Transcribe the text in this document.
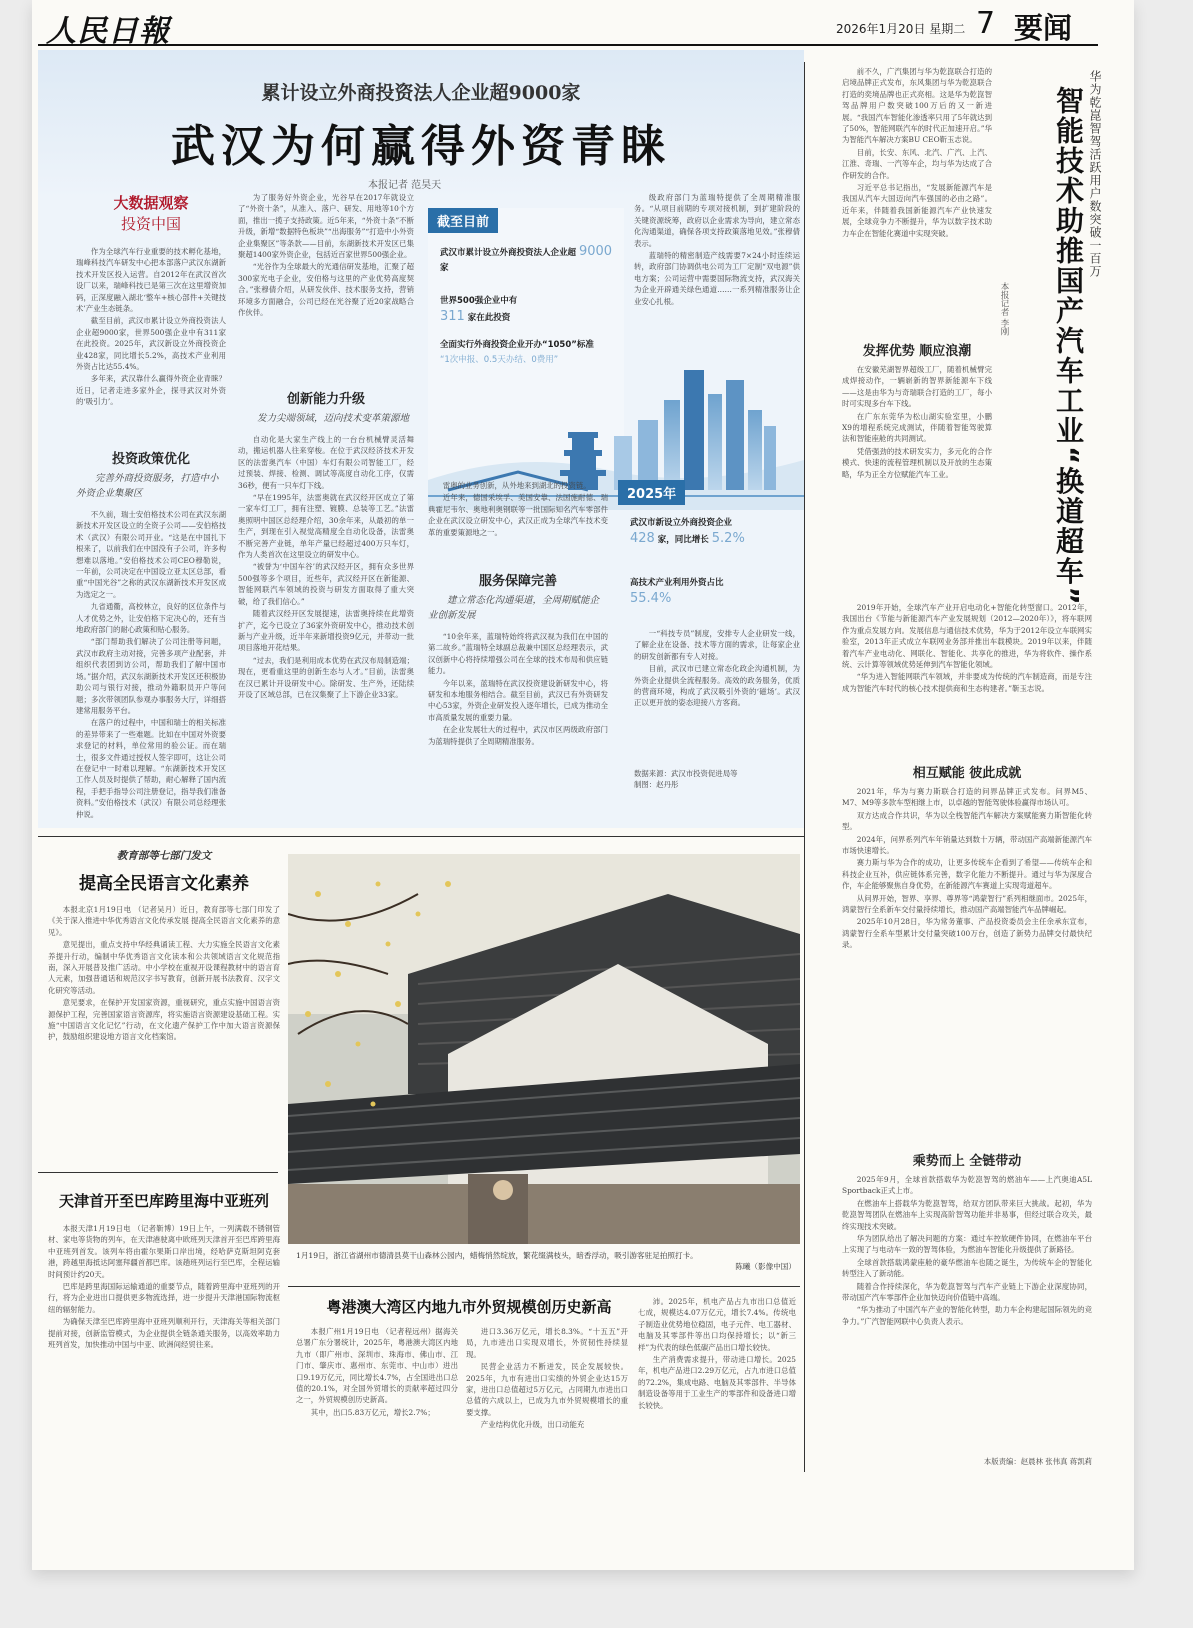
人民日報	2026年1月20日 星期二 7 要闻
累计设立外商投资法人企业超9000家
武汉为何赢得外资青睐
本报记者 范昊天
大数据观察
投资中国

作为全球汽车行业重要的技术孵化基地，瑞峰科技汽车研发中心把本部落户武汉东湖新技术开发区投入运营。自2012年在武汉首次设厂以来，瑞峰科技已是第三次在这里增资加码，正深度融入湖北‘整车+核心部件+关键技术’产业生态链条。

截至目前，武汉市累计设立外商投资法人企业超9000家，世界500强企业中有311家在此投资。2025年，武汉新设立外商投资企业428家，同比增长5.2%，高技术产业利用外资占比达55.4%。

多年来，武汉靠什么赢得外资企业青睐？近日，记者走进多家外企，探寻武汉对外资的‘吸引力’。

投资政策优化
完善外商投资服务，打造中小外资企业集聚区

不久前，瑞士安伯格技术公司在武汉东湖新技术开发区设立的全资子公司——安伯格技术（武汉）有限公司开业。“这是在中国扎下根来了，以前我们在中国没有子公司，许多构想难以落地。”安伯格技术公司CEO穆勒说，一年前，公司决定在中国设立亚太区总部，看重“中国光谷”之称的武汉东湖新技术开发区成为选定之一。

九省通衢，高校林立，良好的区位条件与人才优势之外，让安伯格下定决心的，还有当地政府部门的耐心政策和贴心服务。

“部门帮助我们解决了公司注册等问题，武汉市政府主动对接，完善多项产业配套，并组织代表团到访公司，帮助我们了解中国市场。”据介绍，武汉东湖新技术开发区还积极协助公司与银行对接，推动外籍职员开户等问题；多次带领团队参观办事服务大厅，详细搭建常用服务平台。

在落户的过程中，中国和瑞士的相关标准的差异带来了一些难题。比如在中国对外资要求登记的材料，单位常用的验公证。而在瑞士，很多文件通过授权人签字即可，这让公司在登记中一时难以理解。“东湖新技术开发区工作人员及时提供了帮助，耐心解释了国内流程，手把手指导公司注册登记，指导我们准备资料。”安伯格技术（武汉）有限公司总经理张仲说。

为了服务好外资企业，光谷早在2017年就设立了“外资十条”，从准入、落户、研发、用地等10个方面，推出一揽子支持政策。近5年来，“外资十条”不断升级，新增“数据特色板块”“出海服务”“打造中小外资企业集聚区”等条款——目前，东湖新技术开发区已集聚超1400家外资企业，包括近百家世界500强企业。

“光谷作为全球最大的光通信研发基地，汇聚了超300家光电子企业，安伯格与这里的产业优势高度契合。”张穆倩介绍，从研发伙伴、技术服务支持，营销环境多方面融合，公司已经在光谷聚了近20家战略合作伙伴。

创新能力升级
发力尖端领域，迈向技术变革策源地

自动化是大家生产线上的一台台机械臂灵活舞动，搬运机器人往来穿梭。在位于武汉经济技术开发区的法雷奥汽车（中国）车灯有限公司智能工厂，经过预装、焊接、检测、调试等高度自动化工序，仅需36秒，便有一只车灯下线。

“早在1995年，法雷奥就在武汉经开区成立了第一家车灯工厂，拥有注塑、镀膜、总装等工艺。”法雷奥照明中国区总经理介绍，30余年来，从最初的单一生产，到现在引入视觉高精度全自动化设备，法雷奥不断完善产业链，单年产量已经超过400万只车灯，作为人类首次在这里设立的研发中心。

“被誉为‘中国车谷’的武汉经开区，拥有众多世界500强等多个项目，近些年，武汉经开区在新能源、智能网联汽车领域的投资与研发方面取得了重大突破，给了我们信心。”

随着武汉经开区发展提速，法雷奥持续在此增资扩产，迄今已设立了36家外资研发中心，推动技术创新与产业升级，近半年来新增投资9亿元，并带动一批项目落地开花结果。

“过去，我们是利用成本优势在武汉布局制造端；现在，更看重这里的创新生态与人才。”目前，法雷奥在汉已累计开设研发中心。除研发、生产外，还陆续开设了区域总部，已在汉集聚了上下游企业33家。

截至目前
武汉市累计设立外商投资法人企业超 9000 家
世界500强企业中有
311 家在此投资
全面实行外商投资企业开办“1050”标准
“1次申报、0.5天办结、0费用”

雷奥的业务创新，从外地来到湖北的投资链。

近年来，德国采埃孚、美国安靠、法国施耐德、瑞典霍尼韦尔、奥地利奥钢联等一批国际知名汽车零部件企业在武汉设立研发中心，武汉正成为全球汽车技术变革的重要策源地之一。

服务保障完善
建立常态化沟通渠道，全周期赋能企业创新发展

“10余年来，蓝瑞特始终将武汉视为我们在中国的第二故乡。”蓝瑞特全球副总裁兼中国区总经理表示，武汉创新中心将持续增强公司在全球的技术布局和供应链能力。

今年以来，蓝瑞特在武汉投资建设新研发中心，将研发和本地服务相结合。截至目前，武汉已有外资研发中心53家，外资企业研发投入逐年增长，已成为推动全市高质量发展的重要力量。

在企业发展壮大的过程中，武汉市区两级政府部门为蓝瑞特提供了全周期精准服务。

级政府部门为蓝瑞特提供了全周期精准服务。“从项目前期的专项对接机制，到扩建阶段的关键资源统筹，政府以企业需求为导向，建立常态化沟通渠道，确保各项支持政策落地见效。”张穆倩表示。

蓝瑞特的精密制造产线需要7×24小时连续运转，政府部门协调供电公司为工厂定制“双电源”供电方案；公司运营中需要国际物流支持，武汉海关为企业开辟通关绿色通道……一系列精准服务让企业安心扎根。

2025年
武汉市新设立外商投资企业
428 家，同比增长 5.2%
高技术产业利用外资占比
55.4%

一“科技专员”制度，安排专人企业研发一线，了解企业在设备、技术等方面的需求，让每家企业的研发创新都有专人对接。

目前，武汉市已建立常态化政企沟通机制，为外资企业提供全流程服务。高效的政务服务，优质的营商环境，构成了武汉吸引外资的‘磁场’。武汉正以更开放的姿态迎接八方客商。

数据来源：武汉市投资促进局等
制图：赵丹彤
华为乾崑智驾活跃用户数突破一百万
智能技术助推国产汽车工业“换道超车”
本报记者 李刚

前不久，广汽集团与华为乾崑联合打造的启境品牌正式发布，东风集团与华为乾崑联合打造的奕境品牌也正式亮相。这是华为乾崑智驾品牌用户数突破100万后的又一新进展。“我国汽车智能化渗透率只用了5年就达到了50%，智能网联汽车的时代正加速开启。”华为智能汽车解决方案BU CEO靳玉志说。

目前，长安、东风、北汽、广汽、上汽、江淮、奇瑞、一汽等车企，均与华为达成了合作研发的合作。

习近平总书记指出，“发展新能源汽车是我国从汽车大国迈向汽车强国的必由之路”。近年来，伴随着我国新能源汽车产业快速发展，全球竞争力不断提升，华为以数字技术助力车企在智能化赛道中实现突破。

发挥优势 顺应浪潮

在安徽芜湖智界超级工厂，随着机械臂完成焊接动作，一辆崭新的智界新能源车下线——这是由华为与奇瑞联合打造的工厂，每小时可实现多台车下线。

在广东东莞华为松山湖实验室里，小鹏X9的增程系统完成测试，伴随着智能驾驶算法和智能座舱的共同测试。

凭借强劲的技术研发实力，多元化的合作模式、快速的流程管理机制以及开放的生态策略，华为正全方位赋能汽车工业。

2019年开始，全球汽车产业开启电动化+智能化转型窗口。2012年，我国出台《节能与新能源汽车产业发展规划（2012—2020年）》，将车联网作为重点发展方向。发展信息与通信技术优势，华为于2012年设立车联网实验室，2013年正式成立车联网业务部并推出车载模块。2019年以来，伴随着汽车产业电动化、网联化、智能化、共享化的推进，华为将软件、操作系统、云计算等领域优势延伸到汽车智能化领域。

“华为进入智能网联汽车领域，并非要成为传统的汽车制造商，而是专注成为智能汽车时代的核心技术提供商和生态构建者。”靳玉志说。

相互赋能 彼此成就

2021年，华为与赛力斯联合打造的问界品牌正式发布。问界M5、M7、M9等多款车型相继上市，以卓越的智能驾驶体验赢得市场认可。

双方达成合作共识，华为以全栈智能汽车解决方案赋能赛力斯智能化转型。

2024年，问界系列汽车年销量达到数十万辆，带动国产高端新能源汽车市场快速增长。

赛力斯与华为合作的成功，让更多传统车企看到了希望——传统车企和科技企业互补，供应链体系完善，数字化能力不断提升。通过与华为深度合作，车企能够聚焦自身优势，在新能源汽车赛道上实现弯道超车。

从问界开始，智界、享界、尊界等“鸿蒙智行”系列相继面市。2025年，鸿蒙智行全系新车交付量持续增长，推动国产高端智能汽车品牌崛起。

2025年10月28日，华为常务董事、产品投资委员会主任余承东宣布，鸿蒙智行全系车型累计交付量突破100万台，创造了新势力品牌交付最快纪录。

乘势而上 全链带动

2025年9月，全球首款搭载华为乾崑智驾的燃油车——上汽奥迪A5L Sportback正式上市。

在燃油车上搭载华为乾崑智驾，给双方团队带来巨大挑战。起初，华为乾崑智驾团队在燃油车上实现高阶智驾功能并非易事，但经过联合攻关，最终实现技术突破。

华为团队给出了解决问题的方案：通过车控软硬件协同，在燃油车平台上实现了与电动车一致的智驾体验，为燃油车智能化升级提供了新路径。

全球首款搭载鸿蒙座舱的豪华燃油车也随之诞生，为传统车企的智能化转型注入了新动能。

随着合作持续深化，华为乾崑智驾与汽车产业链上下游企业深度协同，带动国产汽车零部件企业加快迈向价值链中高端。

“华为推动了中国汽车产业的智能化转型，助力车企构建起国际领先的竞争力。”广汽智能网联中心负责人表示。

本版责编：赵晨林 张伟真 蒋凯莉
教育部等七部门发文
提高全民语言文化素养

本报北京1月19日电 （记者吴月）近日，教育部等七部门印发了《关于深入推进中华优秀语言文化传承发展 提高全民语言文化素养的意见》。

意见提出，重点支持中华经典诵读工程、大力实施全民语言文化素养提升行动，编制中华优秀语言文化读本和公共领域语言文化规范指南，深入开展普及推广活动。中小学校在重视开设课程教材中的语言育人元素，加强普通话和规范汉字书写教育，创新开展书法教育、汉字文化研究等活动。

意见要求，在保护开发国家资源，重视研究，重点实施中国语言资源保护工程，完善国家语言资源库，将实施语言资源建设基础工程。实施“中国语言文化记忆”行动，在文化遗产保护工作中加大语言资源保护，鼓励组织建设地方语言文化档案馆。

天津首开至巴库跨里海中亚班列

本报天津1月19日电 （记者靳博）19日上午，一列满载不锈钢管材、家电等货物的列车，在天津港驶离中欧班列天津首开至巴库跨里海中亚班列首发。该列车将由霍尔果斯口岸出境，经哈萨克斯坦阿克套港，跨越里海抵达阿塞拜疆首都巴库。该趟班列运行至巴库，全程运输时间预计约20天。

巴库是跨里海国际运输通道的重要节点，随着跨里海中亚班列的开行，将为企业进出口提供更多物流选择，进一步提升天津港国际物流枢纽的辐射能力。

为确保天津至巴库跨里海中亚班列顺利开行，天津海关等相关部门提前对接，创新监管模式，为企业提供全链条通关服务，以高效率助力班列首发，加快推动中国与中亚、欧洲间经贸往来。

1月19日，浙江省湖州市德清县莫干山森林公园内，蜡梅悄然绽放，繁花缀满枝头，暗香浮动，吸引游客驻足拍照打卡。
陈曦（影像中国）
粤港澳大湾区内地九市外贸规模创历史新高

本报广州1月19日电 （记者程远州）据海关总署广东分署统计，2025年，粤港澳大湾区内地九市（即广州市、深圳市、珠海市、佛山市、江门市、肇庆市、惠州市、东莞市、中山市）进出口9.19万亿元，同比增长4.7%，占全国进出口总值的20.1%，对全国外贸增长的贡献率超过四分之一，外贸规模创历史新高。

其中，出口5.83万亿元，增长2.7%；

进口3.36万亿元，增长8.3%。“十五五”开局，九市进出口实现双增长，外贸韧性持续显现。

民营企业活力不断迸发，民企发展较快。2025年，九市有进出口实绩的外贸企业达15万家，进出口总值超过5万亿元，占同期九市进出口总值的六成以上，已成为九市外贸规模增长的重要支撑。

产业结构优化升级，出口动能充

沛。2025年，机电产品占九市出口总值近七成，规模达4.07万亿元，增长7.4%。传统电子制造业优势地位稳固，电子元件、电工器材、电脑及其零部件等出口均保持增长；以“新三样”为代表的绿色低碳产品出口增长较快。

生产消费需求提升，带动进口增长。2025年，机电产品进口2.29万亿元，占九市进口总值的72.2%，集成电路、电脑及其零部件、半导体制造设备等用于工业生产的零部件和设备进口增长较快。
